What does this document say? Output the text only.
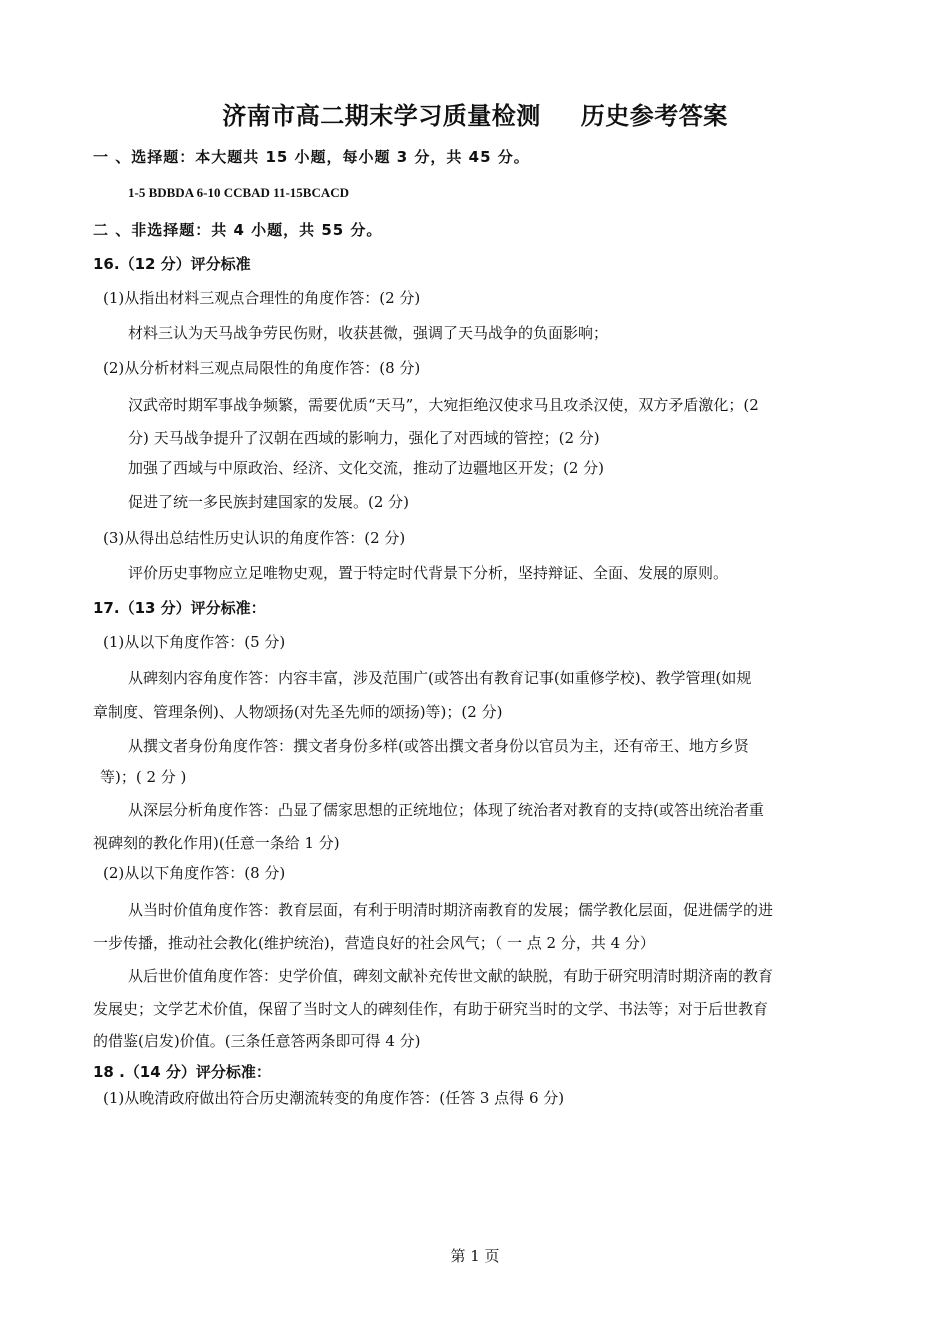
济南市高二期末学习质量检测 历史参考答案
一 、选择题：本大题共 15 小题，每小题 3 分，共 45 分。
1-5 BDBDA 6-10 CCBAD 11-15BCACD
二 、非选择题：共 4 小题，共 55 分。
16.（12 分）评分标准
(1)从指出材料三观点合理性的角度作答：(2 分)
材料三认为天马战争劳民伤财，收获甚微，强调了天马战争的负面影响；
(2)从分析材料三观点局限性的角度作答：(8 分)
汉武帝时期军事战争频繁，需要优质“天马”，大宛拒绝汉使求马且攻杀汉使，双方矛盾激化；(2
分) 天马战争提升了汉朝在西域的影响力，强化了对西域的管控；(2 分)
加强了西域与中原政治、经济、文化交流，推动了边疆地区开发；(2 分)
促进了统一多民族封建国家的发展。(2 分)
(3)从得出总结性历史认识的角度作答：(2 分)
评价历史事物应立足唯物史观，置于特定时代背景下分析，坚持辩证、全面、发展的原则。
17.（13 分）评分标准：
(1)从以下角度作答：(5 分)
从碑刻内容角度作答：内容丰富，涉及范围广(或答出有教育记事(如重修学校)、教学管理(如规
章制度、管理条例)、人物颂扬(对先圣先师的颂扬)等)；(2 分)
从撰文者身份角度作答：撰文者身份多样(或答出撰文者身份以官员为主，还有帝王、地方乡贤
等)；( 2 分 )
从深层分析角度作答：凸显了儒家思想的正统地位；体现了统治者对教育的支持(或答出统治者重
视碑刻的教化作用)(任意一条给 1 分)
(2)从以下角度作答：(8 分)
从当时价值角度作答：教育层面，有利于明清时期济南教育的发展；儒学教化层面，促进儒学的进
一步传播，推动社会教化(维护统治)，营造良好的社会风气；（ 一 点 2 分，共 4 分）
从后世价值角度作答：史学价值，碑刻文献补充传世文献的缺脱，有助于研究明清时期济南的教育
发展史；文学艺术价值，保留了当时文人的碑刻佳作，有助于研究当时的文学、书法等；对于后世教育
的借鉴(启发)价值。(三条任意答两条即可得 4 分)
18 .（14 分）评分标准：
(1)从晚清政府做出符合历史潮流转变的角度作答：(任答 3 点得 6 分)
第 1 页
